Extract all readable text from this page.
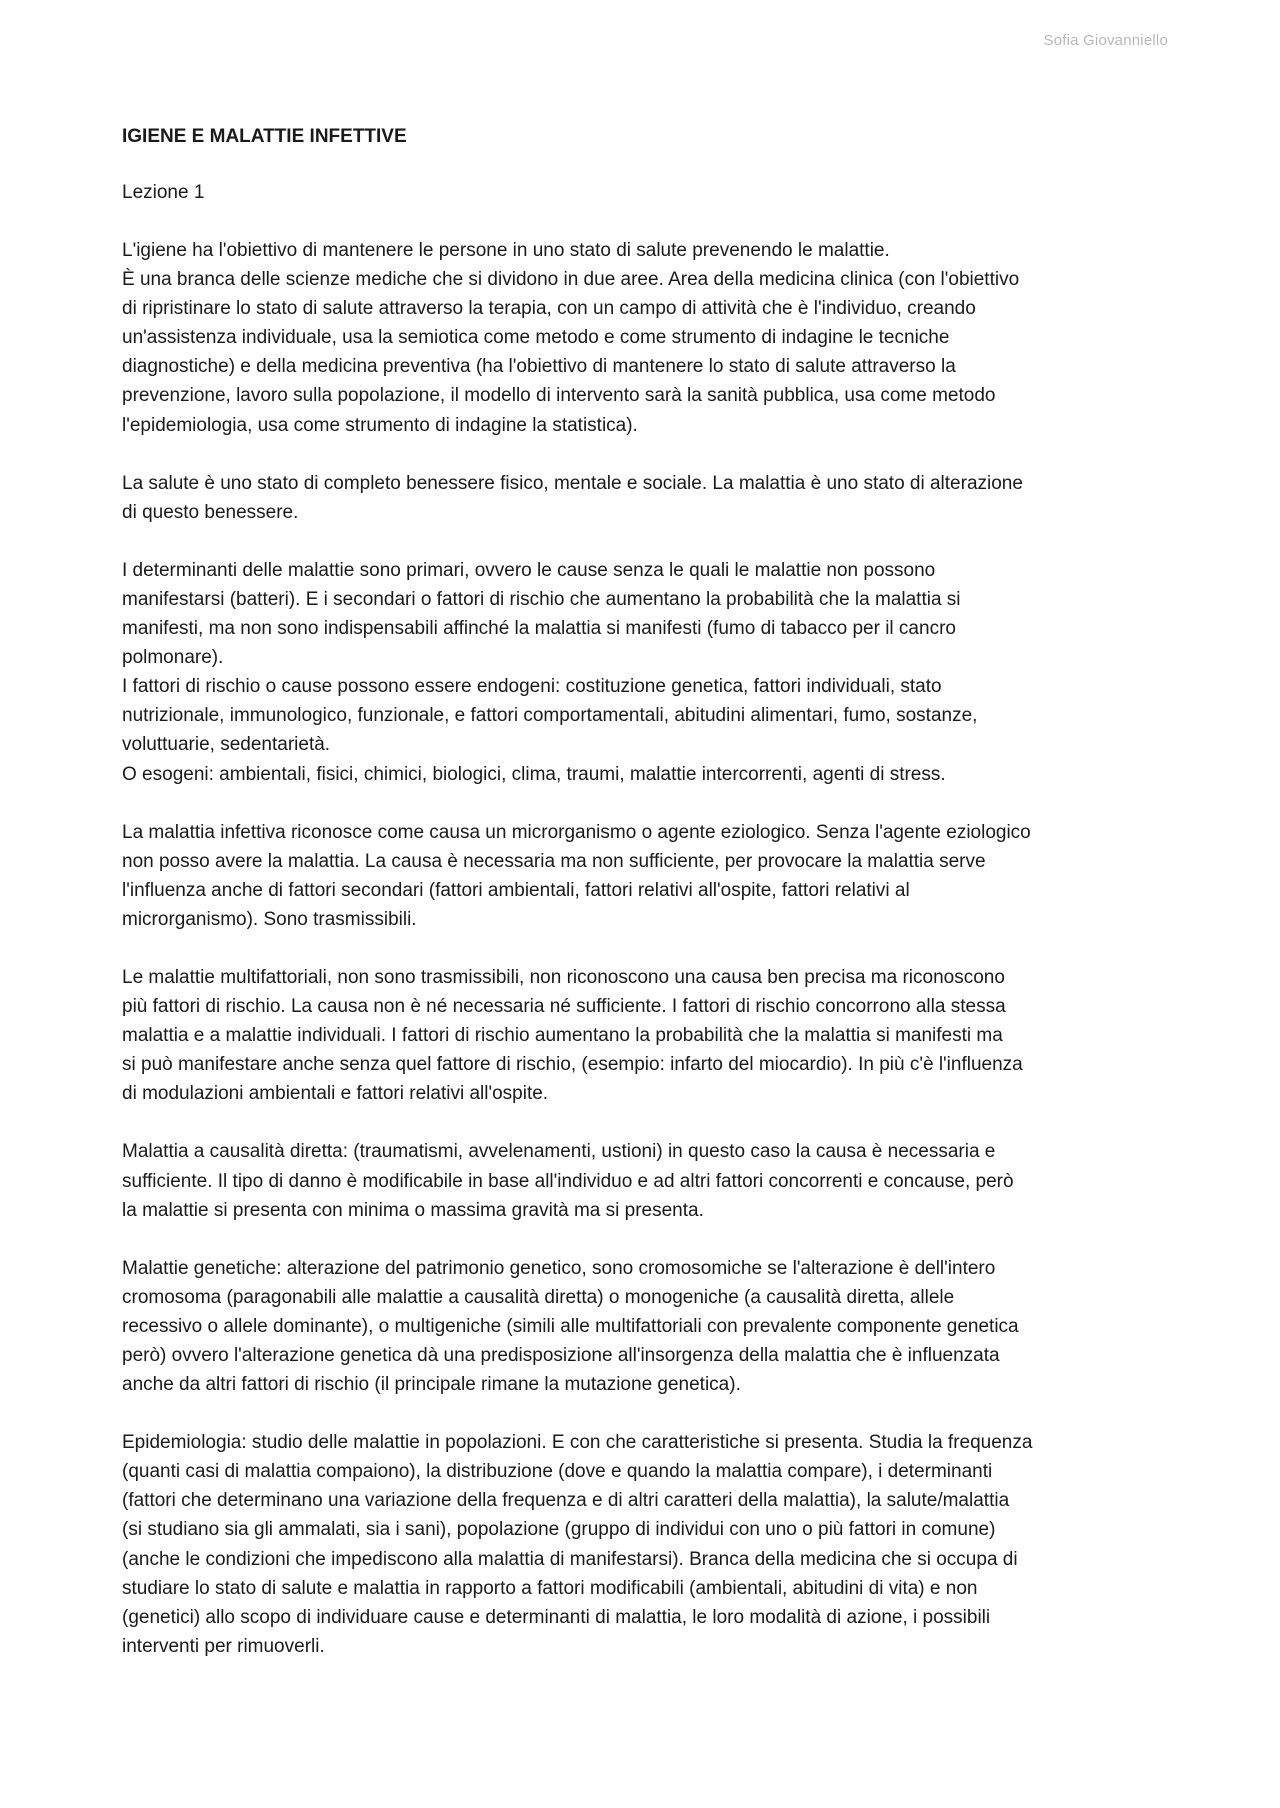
Sofia Giovanniello
IGIENE E MALATTIE INFETTIVE
Lezione 1

L'igiene ha l'obiettivo di mantenere le persone in uno stato di salute prevenendo le malattie.
È una branca delle scienze mediche che si dividono in due aree. Area della medicina clinica (con l'obiettivo
di ripristinare lo stato di salute attraverso la terapia, con un campo di attività che è l'individuo, creando
un'assistenza individuale, usa la semiotica come metodo e come strumento di indagine le tecniche
diagnostiche) e della medicina preventiva (ha l'obiettivo di mantenere lo stato di salute attraverso la
prevenzione, lavoro sulla popolazione, il modello di intervento sarà la sanità pubblica, usa come metodo
l'epidemiologia, usa come strumento di indagine la statistica).

La salute è uno stato di completo benessere fisico, mentale e sociale. La malattia è uno stato di alterazione
di questo benessere.

I determinanti delle malattie sono primari, ovvero le cause senza le quali le malattie non possono
manifestarsi (batteri). E i secondari o fattori di rischio che aumentano la probabilità che la malattia si
manifesti, ma non sono indispensabili affinché la malattia si manifesti (fumo di tabacco per il cancro
polmonare).
I fattori di rischio o cause possono essere endogeni: costituzione genetica, fattori individuali, stato
nutrizionale, immunologico, funzionale, e fattori comportamentali, abitudini alimentari, fumo, sostanze,
voluttuarie, sedentarietà.
O esogeni: ambientali, fisici, chimici, biologici, clima, traumi, malattie intercorrenti, agenti di stress.

La malattia infettiva riconosce come causa un microrganismo o agente eziologico. Senza l'agente eziologico
non posso avere la malattia. La causa è necessaria ma non sufficiente, per provocare la malattia serve
l'influenza anche di fattori secondari (fattori ambientali, fattori relativi all'ospite, fattori relativi al
microrganismo). Sono trasmissibili.

Le malattie multifattoriali, non sono trasmissibili, non riconoscono una causa ben precisa ma riconoscono
più fattori di rischio. La causa non è né necessaria né sufficiente. I fattori di rischio concorrono alla stessa
malattia e a malattie individuali. I fattori di rischio aumentano la probabilità che la malattia si manifesti ma
si può manifestare anche senza quel fattore di rischio, (esempio: infarto del miocardio). In più c'è l'influenza
di modulazioni ambientali e fattori relativi all'ospite.

Malattia a causalità diretta: (traumatismi, avvelenamenti, ustioni) in questo caso la causa è necessaria e
sufficiente. Il tipo di danno è modificabile in base all'individuo e ad altri fattori concorrenti e concause, però
la malattie si presenta con minima o massima gravità ma si presenta.

Malattie genetiche: alterazione del patrimonio genetico, sono cromosomiche se l'alterazione è dell'intero
cromosoma (paragonabili alle malattie a causalità diretta) o monogeniche (a causalità diretta, allele
recessivo o allele dominante), o multigeniche (simili alle multifattoriali con prevalente componente genetica
però) ovvero l'alterazione genetica dà una predisposizione all'insorgenza della malattia che è influenzata
anche da altri fattori di rischio (il principale rimane la mutazione genetica).

Epidemiologia: studio delle malattie in popolazioni. E con che caratteristiche si presenta. Studia la frequenza
(quanti casi di malattia compaiono), la distribuzione (dove e quando la malattia compare), i determinanti
(fattori che determinano una variazione della frequenza e di altri caratteri della malattia), la salute/malattia
(si studiano sia gli ammalati, sia i sani), popolazione (gruppo di individui con uno o più fattori in comune)
(anche le condizioni che impediscono alla malattia di manifestarsi). Branca della medicina che si occupa di
studiare lo stato di salute e malattia in rapporto a fattori modificabili (ambientali, abitudini di vita) e non
(genetici) allo scopo di individuare cause e determinanti di malattia, le loro modalità di azione, i possibili
interventi per rimuoverli.
